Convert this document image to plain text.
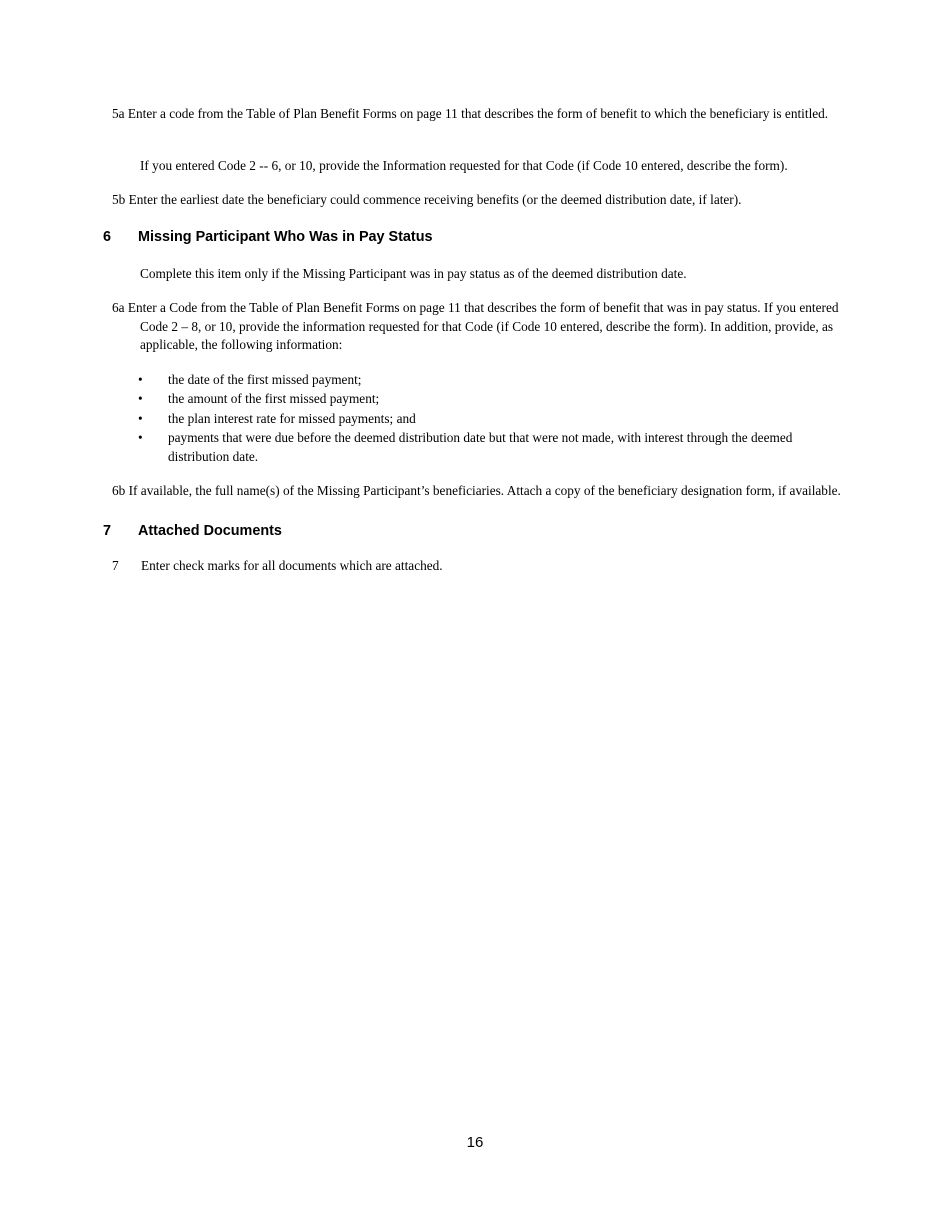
5a Enter a code from the Table of Plan Benefit Forms on page 11 that describes the form of benefit to which the beneficiary is entitled.
If you entered Code 2 -- 6, or 10, provide the Information requested for that Code (if Code 10 entered, describe the form).
5b Enter the earliest date the beneficiary could commence receiving benefits (or the deemed distribution date, if later).
6 Missing Participant Who Was in Pay Status
Complete this item only if the Missing Participant was in pay status as of the deemed distribution date.
6a Enter a Code from the Table of Plan Benefit Forms on page 11 that describes the form of benefit that was in pay status. If you entered Code 2 – 8, or 10, provide the information requested for that Code (if Code 10 entered, describe the form). In addition, provide, as applicable, the following information:
• the date of the first missed payment;
• the amount of the first missed payment;
• the plan interest rate for missed payments; and
• payments that were due before the deemed distribution date but that were not made, with interest through the deemed distribution date.
6b If available, the full name(s) of the Missing Participant’s beneficiaries. Attach a copy of the beneficiary designation form, if available.
7 Attached Documents
7 Enter check marks for all documents which are attached.
16
